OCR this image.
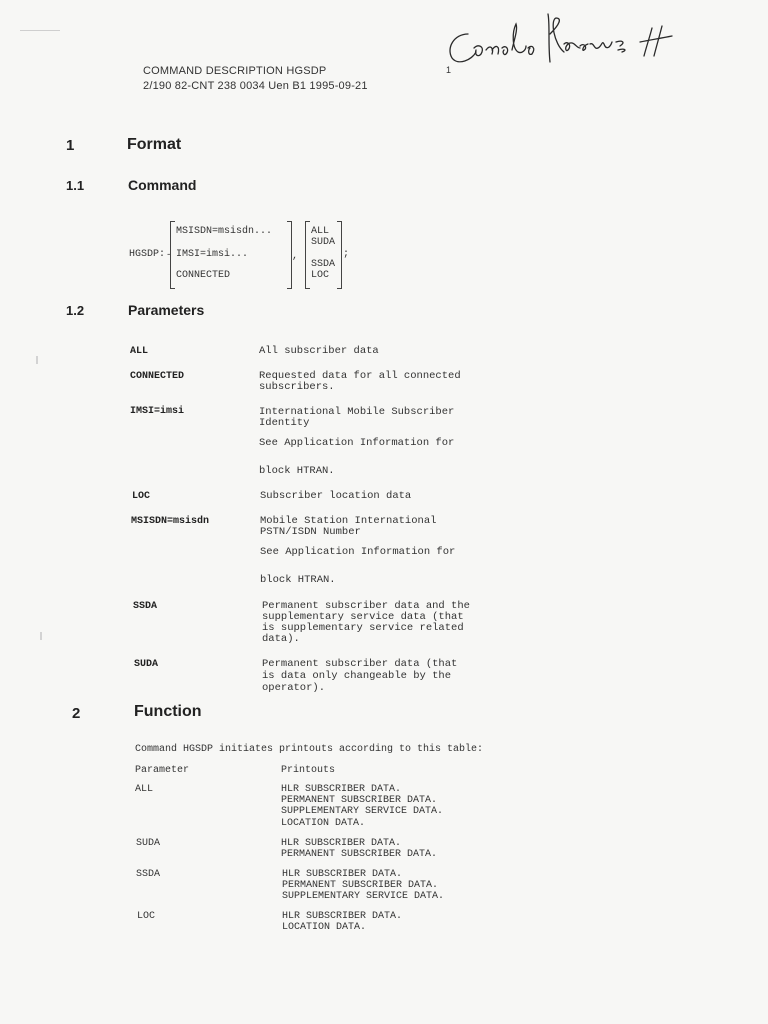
COMMAND DESCRIPTION HGSDP
2/190 82-CNT 238 0034 Uen B1 1995-09-21
1
1	Format
1.1	Command
HGSDP: -
MSISDN=msisdn...
IMSI=imsi...
CONNECTED
,
ALL
SUDA
SSDA
LOC
;
1.2	Parameters
ALL	All subscriber data
CONNECTED	Requested data for all connected
subscribers.
IMSI=imsi	International Mobile Subscriber
Identity
See Application Information for
block HTRAN.
LOC	Subscriber location data
MSISDN=msisdn	Mobile Station International
PSTN/ISDN Number
See Application Information for
block HTRAN.
SSDA	Permanent subscriber data and the
supplementary service data (that
is supplementary service related
data).
SUDA	Permanent subscriber data (that
is data only changeable by the
operator).
2	Function
Command HGSDP initiates printouts according to this table:
Parameter	Printouts
ALL	HLR SUBSCRIBER DATA.
PERMANENT SUBSCRIBER DATA.
SUPPLEMENTARY SERVICE DATA.
LOCATION DATA.
SUDA	HLR SUBSCRIBER DATA.
PERMANENT SUBSCRIBER DATA.
SSDA	HLR SUBSCRIBER DATA.
PERMANENT SUBSCRIBER DATA.
SUPPLEMENTARY SERVICE DATA.
LOC	HLR SUBSCRIBER DATA.
LOCATION DATA.
